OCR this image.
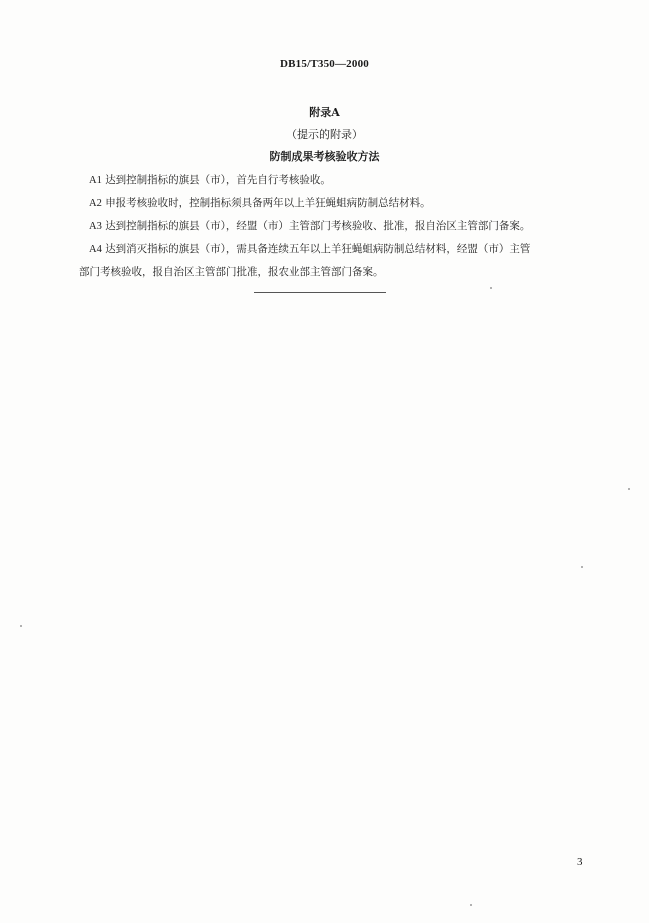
DB15/T350—2000
附录A
（提示的附录）
防制成果考核验收方法

A1 达到控制指标的旗县（市），首先自行考核验收。

A2 申报考核验收时，控制指标须具备两年以上羊狂蝇蛆病防制总结材料。

A3 达到控制指标的旗县（市），经盟（市）主管部门考核验收、批准，报自治区主管部门备案。

A4 达到消灭指标的旗县（市），需具备连续五年以上羊狂蝇蛆病防制总结材料，经盟（市）主管

部门考核验收，报自治区主管部门批准，报农业部主管部门备案。

3
